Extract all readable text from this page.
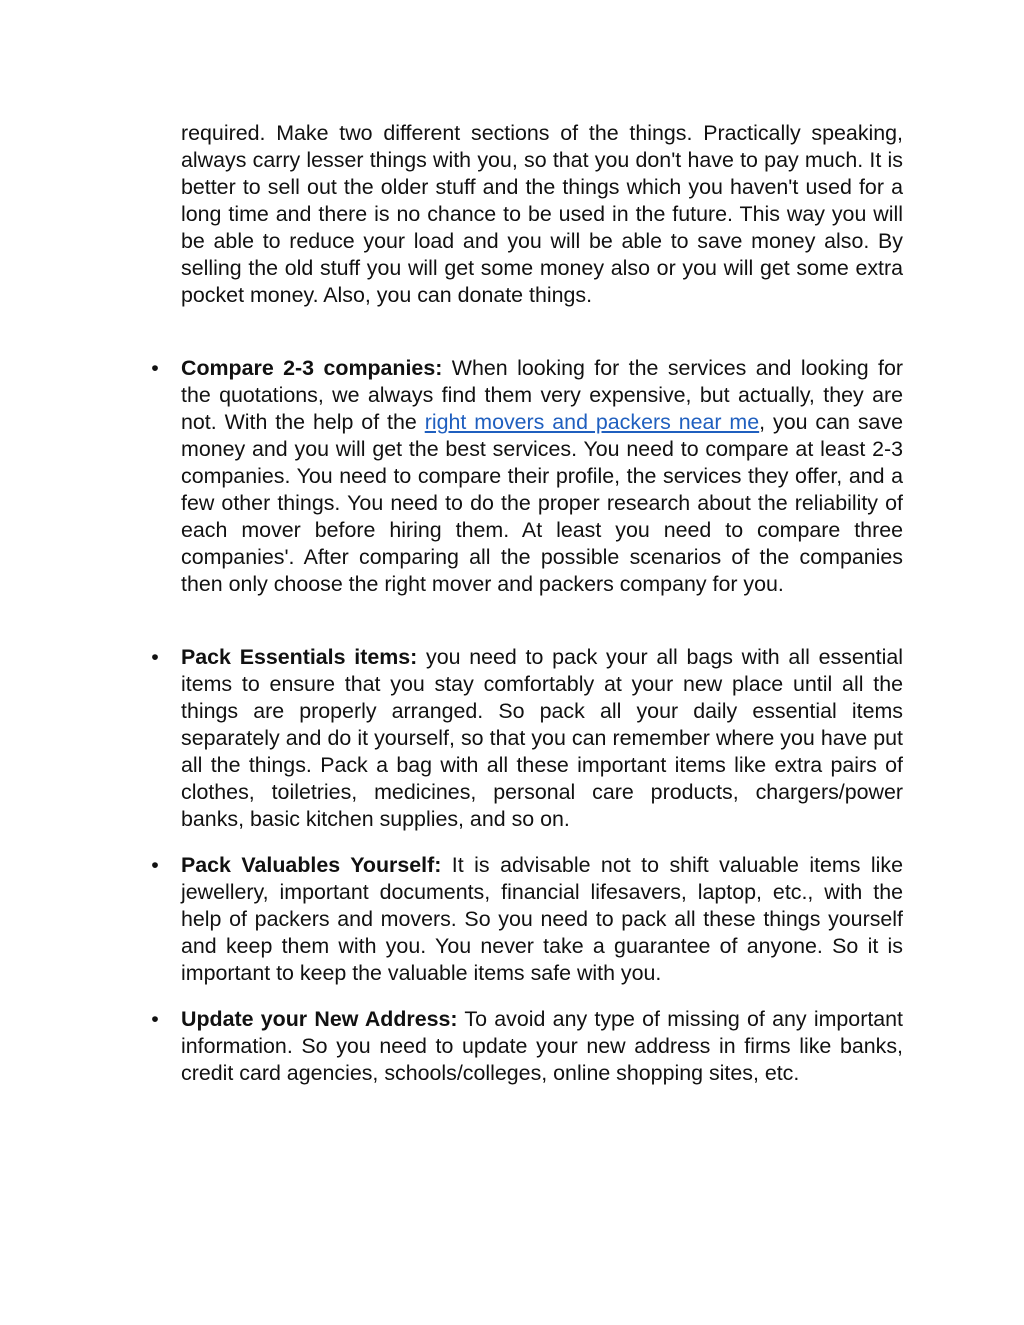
required. Make two different sections of the things. Practically speaking, always carry lesser things with you, so that you don't have to pay much. It is better to sell out the older stuff and the things which you haven't used for a long time and there is no chance to be used in the future. This way you will be able to reduce your load and you will be able to save money also. By selling the old stuff you will get some money also or you will get some extra pocket money. Also, you can donate things.

• Compare 2-3 companies: When looking for the services and looking for the quotations, we always find them very expensive, but actually, they are not. With the help of the right movers and packers near me, you can save money and you will get the best services. You need to compare at least 2-3 companies. You need to compare their profile, the services they offer, and a few other things. You need to do the proper research about the reliability of each mover before hiring them. At least you need to compare three companies'. After comparing all the possible scenarios of the companies then only choose the right mover and packers company for you.

• Pack Essentials items: you need to pack your all bags with all essential items to ensure that you stay comfortably at your new place until all the things are properly arranged. So pack all your daily essential items separately and do it yourself, so that you can remember where you have put all the things. Pack a bag with all these important items like extra pairs of clothes, toiletries, medicines, personal care products, chargers/power banks, basic kitchen supplies, and so on.

• Pack Valuables Yourself: It is advisable not to shift valuable items like jewellery, important documents, financial lifesavers, laptop, etc., with the help of packers and movers. So you need to pack all these things yourself and keep them with you. You never take a guarantee of anyone. So it is important to keep the valuable items safe with you.

• Update your New Address: To avoid any type of missing of any important information. So you need to update your new address in firms like banks, credit card agencies, schools/colleges, online shopping sites, etc.
